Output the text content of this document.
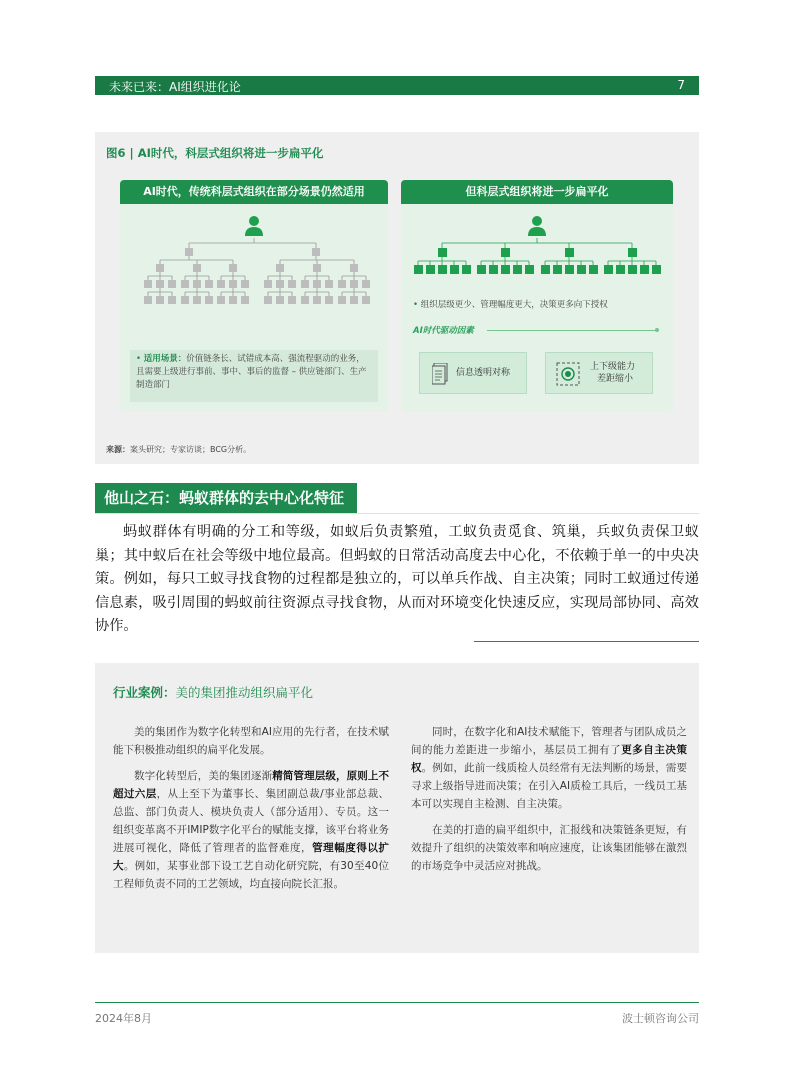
未来已来：AI组织进化论	7
图6 | AI时代，科层式组织将进一步扁平化
AI时代，传统科层式组织在部分场景仍然适用
• 适用场景：价值链条长、试错成本高、强流程驱动的业务，且需要上级进行事前、事中、事后的监督 – 供应链部门、生产制造部门
但科层式组织将进一步扁平化
• 组织层级更少、管理幅度更大，决策更多向下授权
AI时代驱动因素
信息透明对称
上下级能力
差距缩小
来源：案头研究；专家访谈；BCG分析。
他山之石：蚂蚁群体的去中心化特征
蚂蚁群体有明确的分工和等级，如蚁后负责繁殖，工蚁负责觅食、筑巢，兵蚁负责保卫蚁巢；其中蚁后在社会等级中地位最高。但蚂蚁的日常活动高度去中心化，不依赖于单一的中央决策。例如，每只工蚁寻找食物的过程都是独立的，可以单兵作战、自主决策；同时工蚁通过传递信息素，吸引周围的蚂蚁前往资源点寻找食物，从而对环境变化快速反应，实现局部协同、高效协作。
行业案例：美的集团推动组织扁平化

美的集团作为数字化转型和AI应用的先行者，在技术赋能下积极推动组织的扁平化发展。

数字化转型后，美的集团逐渐精简管理层级，原则上不超过六层，从上至下为董事长、集团副总裁/事业部总裁、总监、部门负责人、模块负责人（部分适用）、专员。这一组织变革离不开IMIP数字化平台的赋能支撑，该平台将业务进展可视化，降低了管理者的监督难度，管理幅度得以扩大。例如，某事业部下设工艺自动化研究院，有30至40位工程师负责不同的工艺领域，均直接向院长汇报。

同时，在数字化和AI技术赋能下，管理者与团队成员之间的能力差距进一步缩小，基层员工拥有了更多自主决策权。例如，此前一线质检人员经常有无法判断的场景，需要寻求上级指导进而决策；在引入AI质检工具后，一线员工基本可以实现自主检测、自主决策。

在美的打造的扁平组织中，汇报线和决策链条更短，有效提升了组织的决策效率和响应速度，让该集团能够在激烈的市场竞争中灵活应对挑战。

2024年8月	波士顿咨询公司
